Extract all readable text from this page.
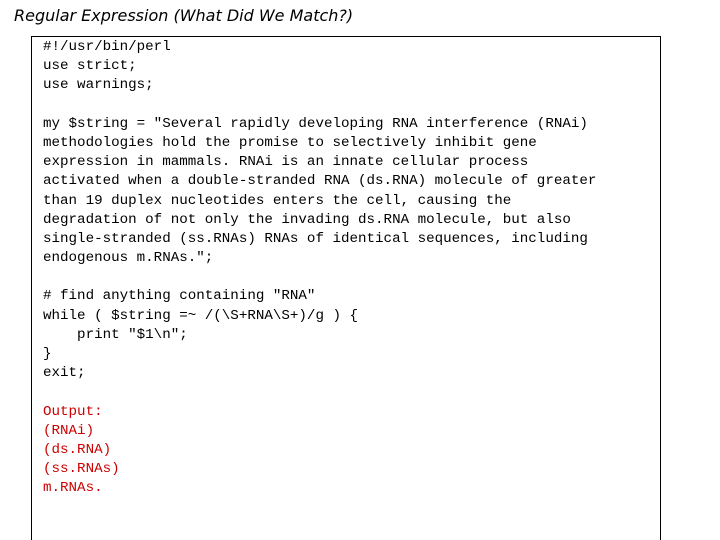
Regular Expression (What Did We Match?)
#!/usr/bin/perl
use strict;
use warnings;
my $string = "Several rapidly developing RNA interference (RNAi)
methodologies hold the promise to selectively inhibit gene
expression in mammals. RNAi is an innate cellular process
activated when a double-stranded RNA (ds.RNA) molecule of greater
than 19 duplex nucleotides enters the cell, causing the
degradation of not only the invading ds.RNA molecule, but also
single-stranded (ss.RNAs) RNAs of identical sequences, including
endogenous m.RNAs.";
# find anything containing "RNA"
while ( $string =~ /(\S+RNA\S+)/g ) {
print "$1\n";
}
exit;
Output:
(RNAi)
(ds.RNA)
(ss.RNAs)
m.RNAs.
